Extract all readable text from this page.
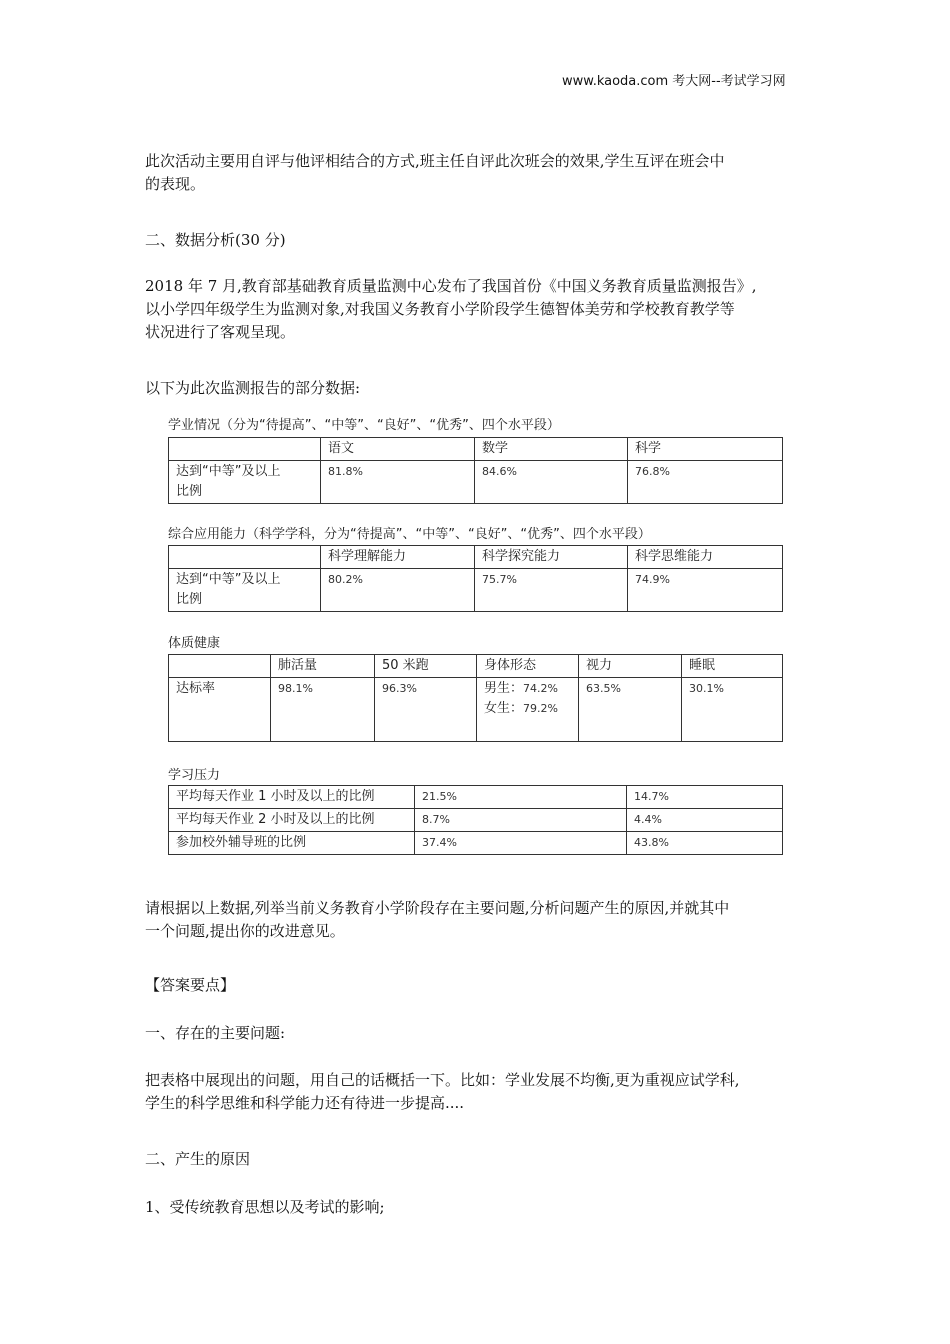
www.kaoda.com 考大网--考试学习网

此次活动主要用自评与他评相结合的方式,班主任自评此次班会的效果,学生互评在班会中
的表现。

二、数据分析(30 分)

2018 年 7 月,教育部基础教育质量监测中心发布了我国首份《中国义务教育质量监测报告》,
以小学四年级学生为监测对象,对我国义务教育小学阶段学生德智体美劳和学校教育教学等
状况进行了客观呈现。

以下为此次监测报告的部分数据:

学业情况（分为“待提高”、“中等”、“良好”、“优秀”、四个水平段）
	语文	数学	科学

达到“中等”及以上
比例	81.8%	84.6%	76.8%
综合应用能力（科学学科，分为“待提高”、“中等”、“良好”、“优秀”、四个水平段）
	科学理解能力	科学探究能力	科学思维能力

达到“中等”及以上
比例	80.2%	75.7%	74.9%
体质健康
	肺活量	50 米跑	身体形态	视力	睡眠
达标率	98.1%	96.3%	男生：74.2%
女生：79.2%	63.5%	30.1%
学习压力
平均每天作业 1 小时及以上的比例	21.5%	14.7%
平均每天作业 2 小时及以上的比例	8.7%	4.4%
参加校外辅导班的比例	37.4%	43.8%

请根据以上数据,列举当前义务教育小学阶段存在主要问题,分析问题产生的原因,并就其中
一个问题,提出你的改进意见。

【答案要点】

一、存在的主要问题:

把表格中展现出的问题，用自己的话概括一下。比如：学业发展不均衡,更为重视应试学科,
学生的科学思维和科学能力还有待进一步提高....

二、产生的原因

1、受传统教育思想以及考试的影响;
